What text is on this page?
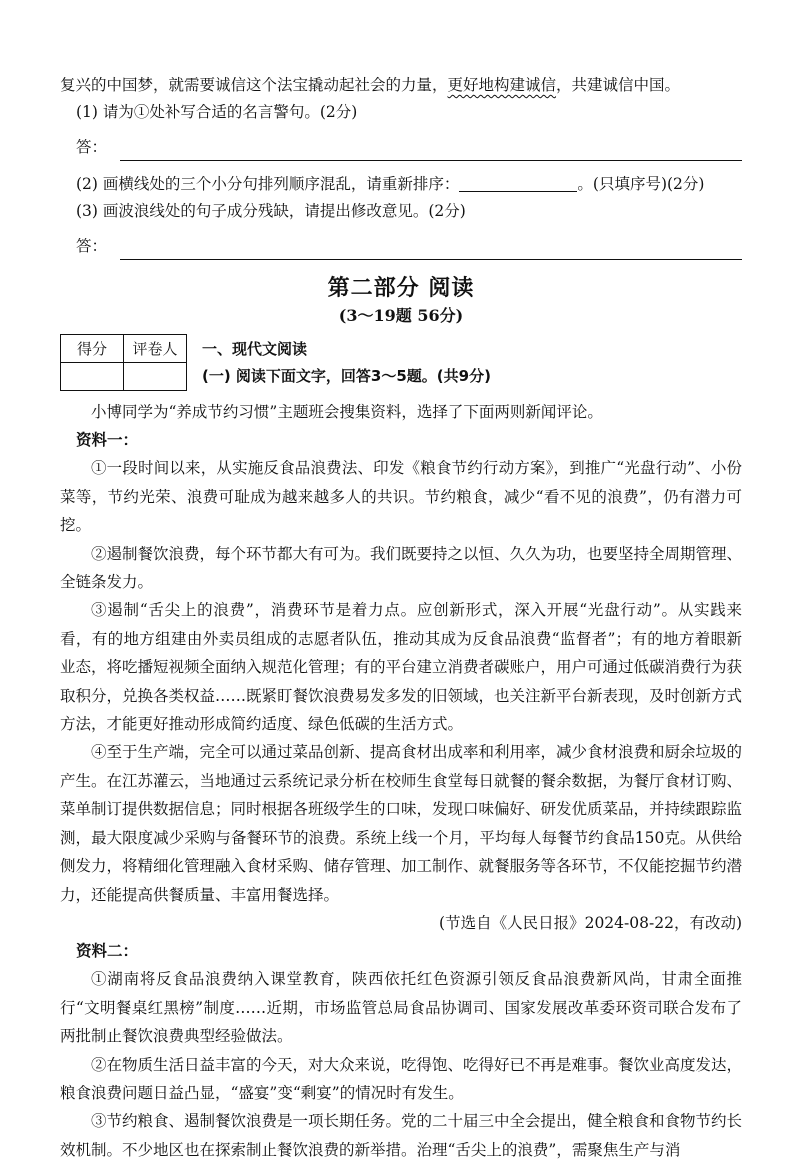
复兴的中国梦，就需要诚信这个法宝撬动起社会的力量，更好地构建诚信，共建诚信中国。
(1) 请为①处补写合适的名言警句。(2分)
答：
(2) 画横线处的三个小分句排列顺序混乱，请重新排序：	。(只填序号)(2分)
(3) 画波浪线处的句子成分残缺，请提出修改意见。(2分)
答：
第二部分 阅读
(3～19题 56分)
得分	评卷人
	一、现代文阅读
(一) 阅读下面文字，回答3～5题。(共9分)

小博同学为“养成节约习惯”主题班会搜集资料，选择了下面两则新闻评论。

资料一：

①一段时间以来，从实施反食品浪费法、印发《粮食节约行动方案》，到推广“光盘行动”、小份菜等，节约光荣、浪费可耻成为越来越多人的共识。节约粮食，减少“看不见的浪费”，仍有潜力可挖。

②遏制餐饮浪费，每个环节都大有可为。我们既要持之以恒、久久为功，也要坚持全周期管理、全链条发力。

③遏制“舌尖上的浪费”，消费环节是着力点。应创新形式，深入开展“光盘行动”。从实践来看，有的地方组建由外卖员组成的志愿者队伍，推动其成为反食品浪费“监督者”；有的地方着眼新业态，将吃播短视频全面纳入规范化管理；有的平台建立消费者碳账户，用户可通过低碳消费行为获取积分，兑换各类权益……既紧盯餐饮浪费易发多发的旧领域，也关注新平台新表现，及时创新方式方法，才能更好推动形成简约适度、绿色低碳的生活方式。

④至于生产端，完全可以通过菜品创新、提高食材出成率和利用率，减少食材浪费和厨余垃圾的产生。在江苏灌云，当地通过云系统记录分析在校师生食堂每日就餐的餐余数据，为餐厅食材订购、菜单制订提供数据信息；同时根据各班级学生的口味，发现口味偏好、研发优质菜品，并持续跟踪监测，最大限度减少采购与备餐环节的浪费。系统上线一个月，平均每人每餐节约食品150克。从供给侧发力，将精细化管理融入食材采购、储存管理、加工制作、就餐服务等各环节，不仅能挖掘节约潜力，还能提高供餐质量、丰富用餐选择。
(节选自《人民日报》2024-08-22，有改动)

资料二：

①湖南将反食品浪费纳入课堂教育，陕西依托红色资源引领反食品浪费新风尚，甘肃全面推行“文明餐桌红黑榜”制度……近期，市场监管总局食品协调司、国家发展改革委环资司联合发布了两批制止餐饮浪费典型经验做法。

②在物质生活日益丰富的今天，对大众来说，吃得饱、吃得好已不再是难事。餐饮业高度发达，粮食浪费问题日益凸显，“盛宴”变“剩宴”的情况时有发生。

③节约粮食、遏制餐饮浪费是一项长期任务。党的二十届三中全会提出，健全粮食和食物节约长效机制。不少地区也在探索制止餐饮浪费的新举措。治理“舌尖上的浪费”，需聚焦生产与消
